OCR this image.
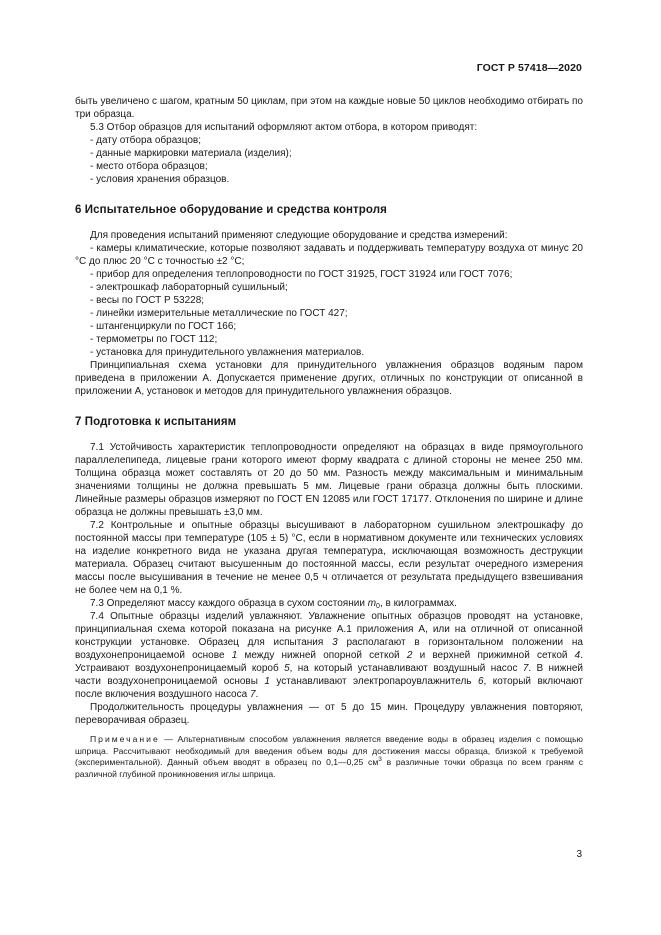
ГОСТ Р 57418—2020

быть увеличено с шагом, кратным 50 циклам, при этом на каждые новые 50 циклов необходимо отбирать по три образца.

5.3 Отбор образцов для испытаний оформляют актом отбора, в котором приводят:

- дату отбора образцов;

- данные маркировки материала (изделия);

- место отбора образцов;

- условия хранения образцов.

6 Испытательное оборудование и средства контроля

Для проведения испытаний применяют следующие оборудование и средства измерений:

- камеры климатические, которые позволяют задавать и поддерживать температуру воздуха от минус 20 °С до плюс 20 °С с точностью ±2 °С;

- прибор для определения теплопроводности по ГОСТ 31925, ГОСТ 31924 или ГОСТ 7076;

- электрошкаф лабораторный сушильный;

- весы по ГОСТ Р 53228;

- линейки измерительные металлические по ГОСТ 427;

- штангенциркули по ГОСТ 166;

- термометры по ГОСТ 112;

- установка для принудительного увлажнения материалов.

Принципиальная схема установки для принудительного увлажнения образцов водяным паром приведена в приложении А. Допускается применение других, отличных по конструкции от описанной в приложении А, установок и методов для принудительного увлажнения образцов.

7 Подготовка к испытаниям

7.1 Устойчивость характеристик теплопроводности определяют на образцах в виде прямоугольного параллелепипеда, лицевые грани которого имеют форму квадрата с длиной стороны не менее 250 мм. Толщина образца может составлять от 20 до 50 мм. Разность между максимальным и минимальным значениями толщины не должна превышать 5 мм. Лицевые грани образца должны быть плоскими. Линейные размеры образцов измеряют по ГОСТ EN 12085 или ГОСТ 17177. Отклонения по ширине и длине образца не должны превышать ±3,0 мм.

7.2 Контрольные и опытные образцы высушивают в лабораторном сушильном электрошкафу до постоянной массы при температуре (105 ± 5) °С, если в нормативном документе или технических условиях на изделие конкретного вида не указана другая температура, исключающая возможность деструкции материала. Образец считают высушенным до постоянной массы, если результат очередного измерения массы после высушивания в течение не менее 0,5 ч отличается от результата предыдущего взвешивания не более чем на 0,1 %.

7.3 Определяют массу каждого образца в сухом состоянии $m_0$, в килограммах.

7.4 Опытные образцы изделий увлажняют. Увлажнение опытных образцов проводят на установке, принципиальная схема которой показана на рисунке А.1 приложения А, или на отличной от описанной конструкции установке. Образец для испытания 3 располагают в горизонтальном положении на воздухонепроницаемой основе 1 между нижней опорной сеткой 2 и верхней прижимной сеткой 4. Устраивают воздухонепроницаемый короб 5, на который устанавливают воздушный насос 7. В нижней части воздухонепроницаемой основы 1 устанавливают электропароувлажнитель 6, который включают после включения воздушного насоса 7.

Продолжительность процедуры увлажнения — от 5 до 15 мин. Процедуру увлажнения повторяют, переворачивая образец.

Примечание — Альтернативным способом увлажнения является введение воды в образец изделия с помощью шприца. Рассчитывают необходимый для введения объем воды для достижения массы образца, близкой к требуемой (экспериментальной). Данный объем вводят в образец по 0,1—0,25 $см^3$ в различные точки образца по всем граням с различной глубиной проникновения иглы шприца.

3
